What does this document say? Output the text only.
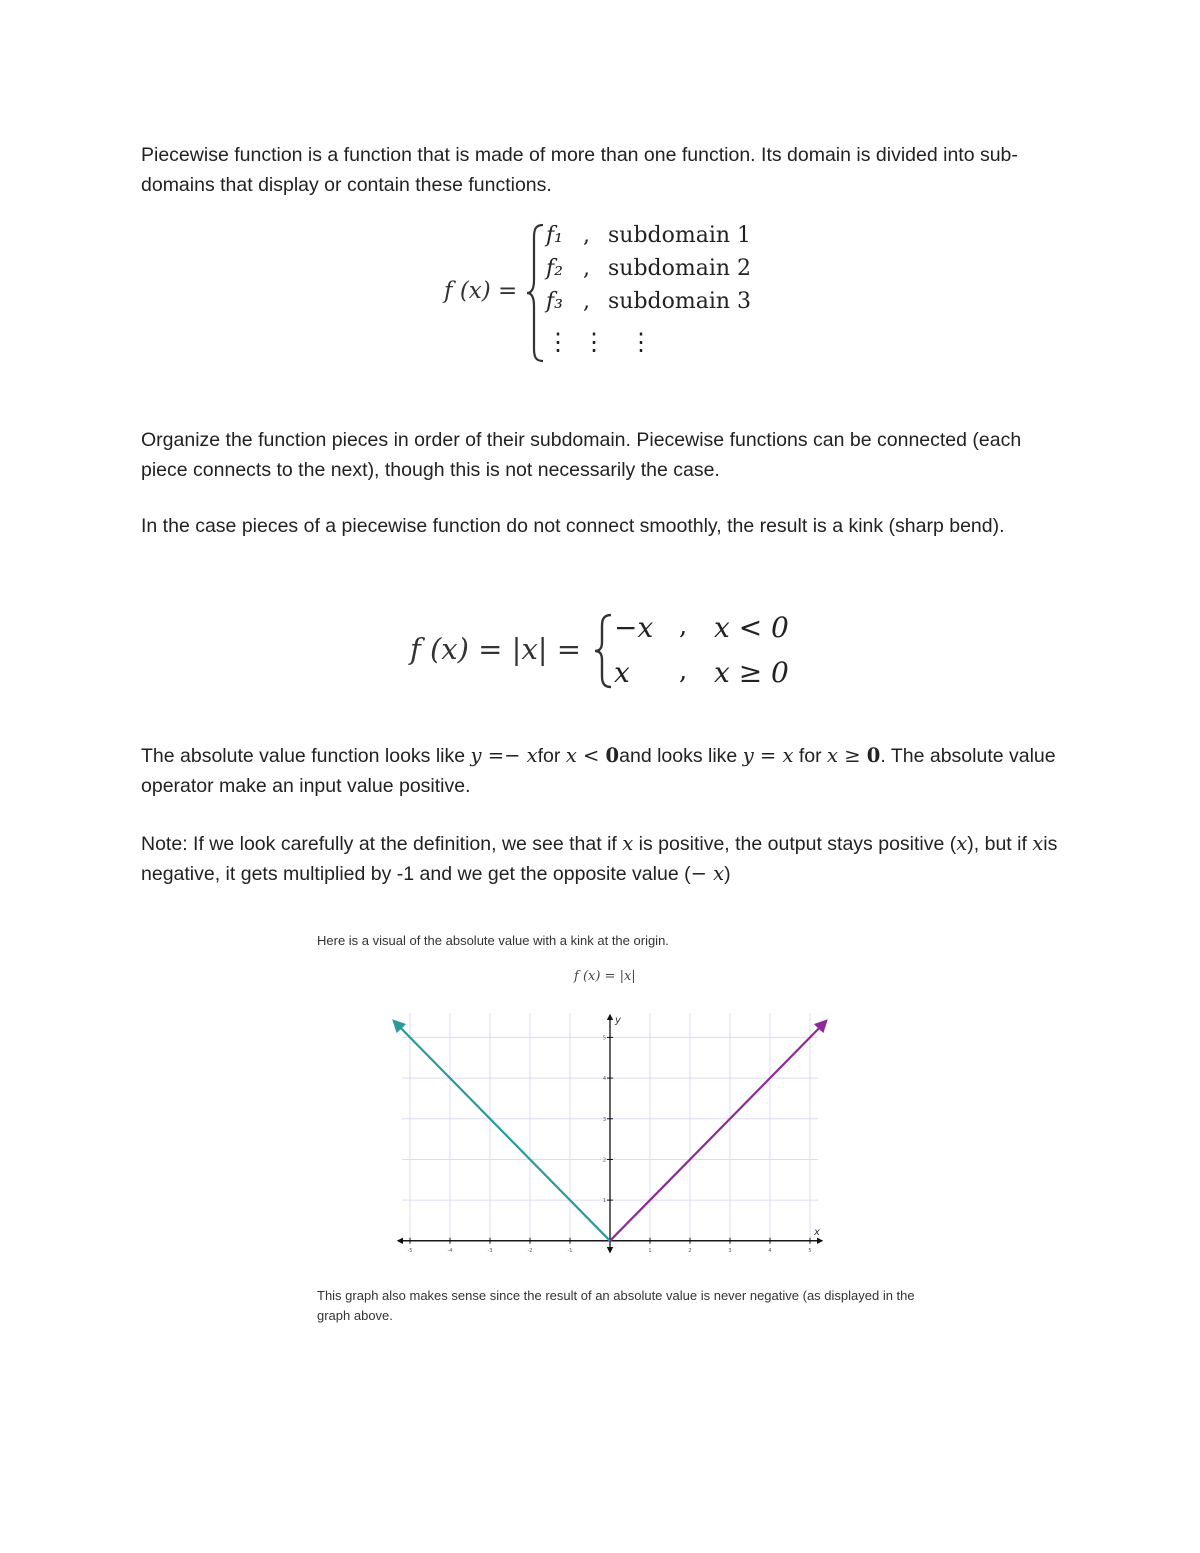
Piecewise function is a function that is made of more than one function. Its domain is divided into sub-domains that display or contain these functions.

f (x) =
f₁ , subdomain 1
f₂ , subdomain 2
f₃ , subdomain 3
⋮ ⋮ ⋮

Organize the function pieces in order of their subdomain. Piecewise functions can be connected (each piece connects to the next), though this is not necessarily the case.

In the case pieces of a piecewise function do not connect smoothly, the result is a kink (sharp bend).

f (x) = |x| =
−x , x < 0
x , x ≥ 0

The absolute value function looks like y =− xfor x < 0and looks like y = x for x ≥ 0. The absolute value operator make an input value positive.

Note: If we look carefully at the definition, we see that if x is positive, the output stays positive (x), but if xis negative, it gets multiplied by -1 and we get the opposite value (− x)

Here is a visual of the absolute value with a kink at the origin.
f (x) = |x|
-5	-4	-3	-2	-1	1	2	3	4	5
1
2
3
4
5
x
y
This graph also makes sense since the result of an absolute value is never negative (as displayed in the graph above.
